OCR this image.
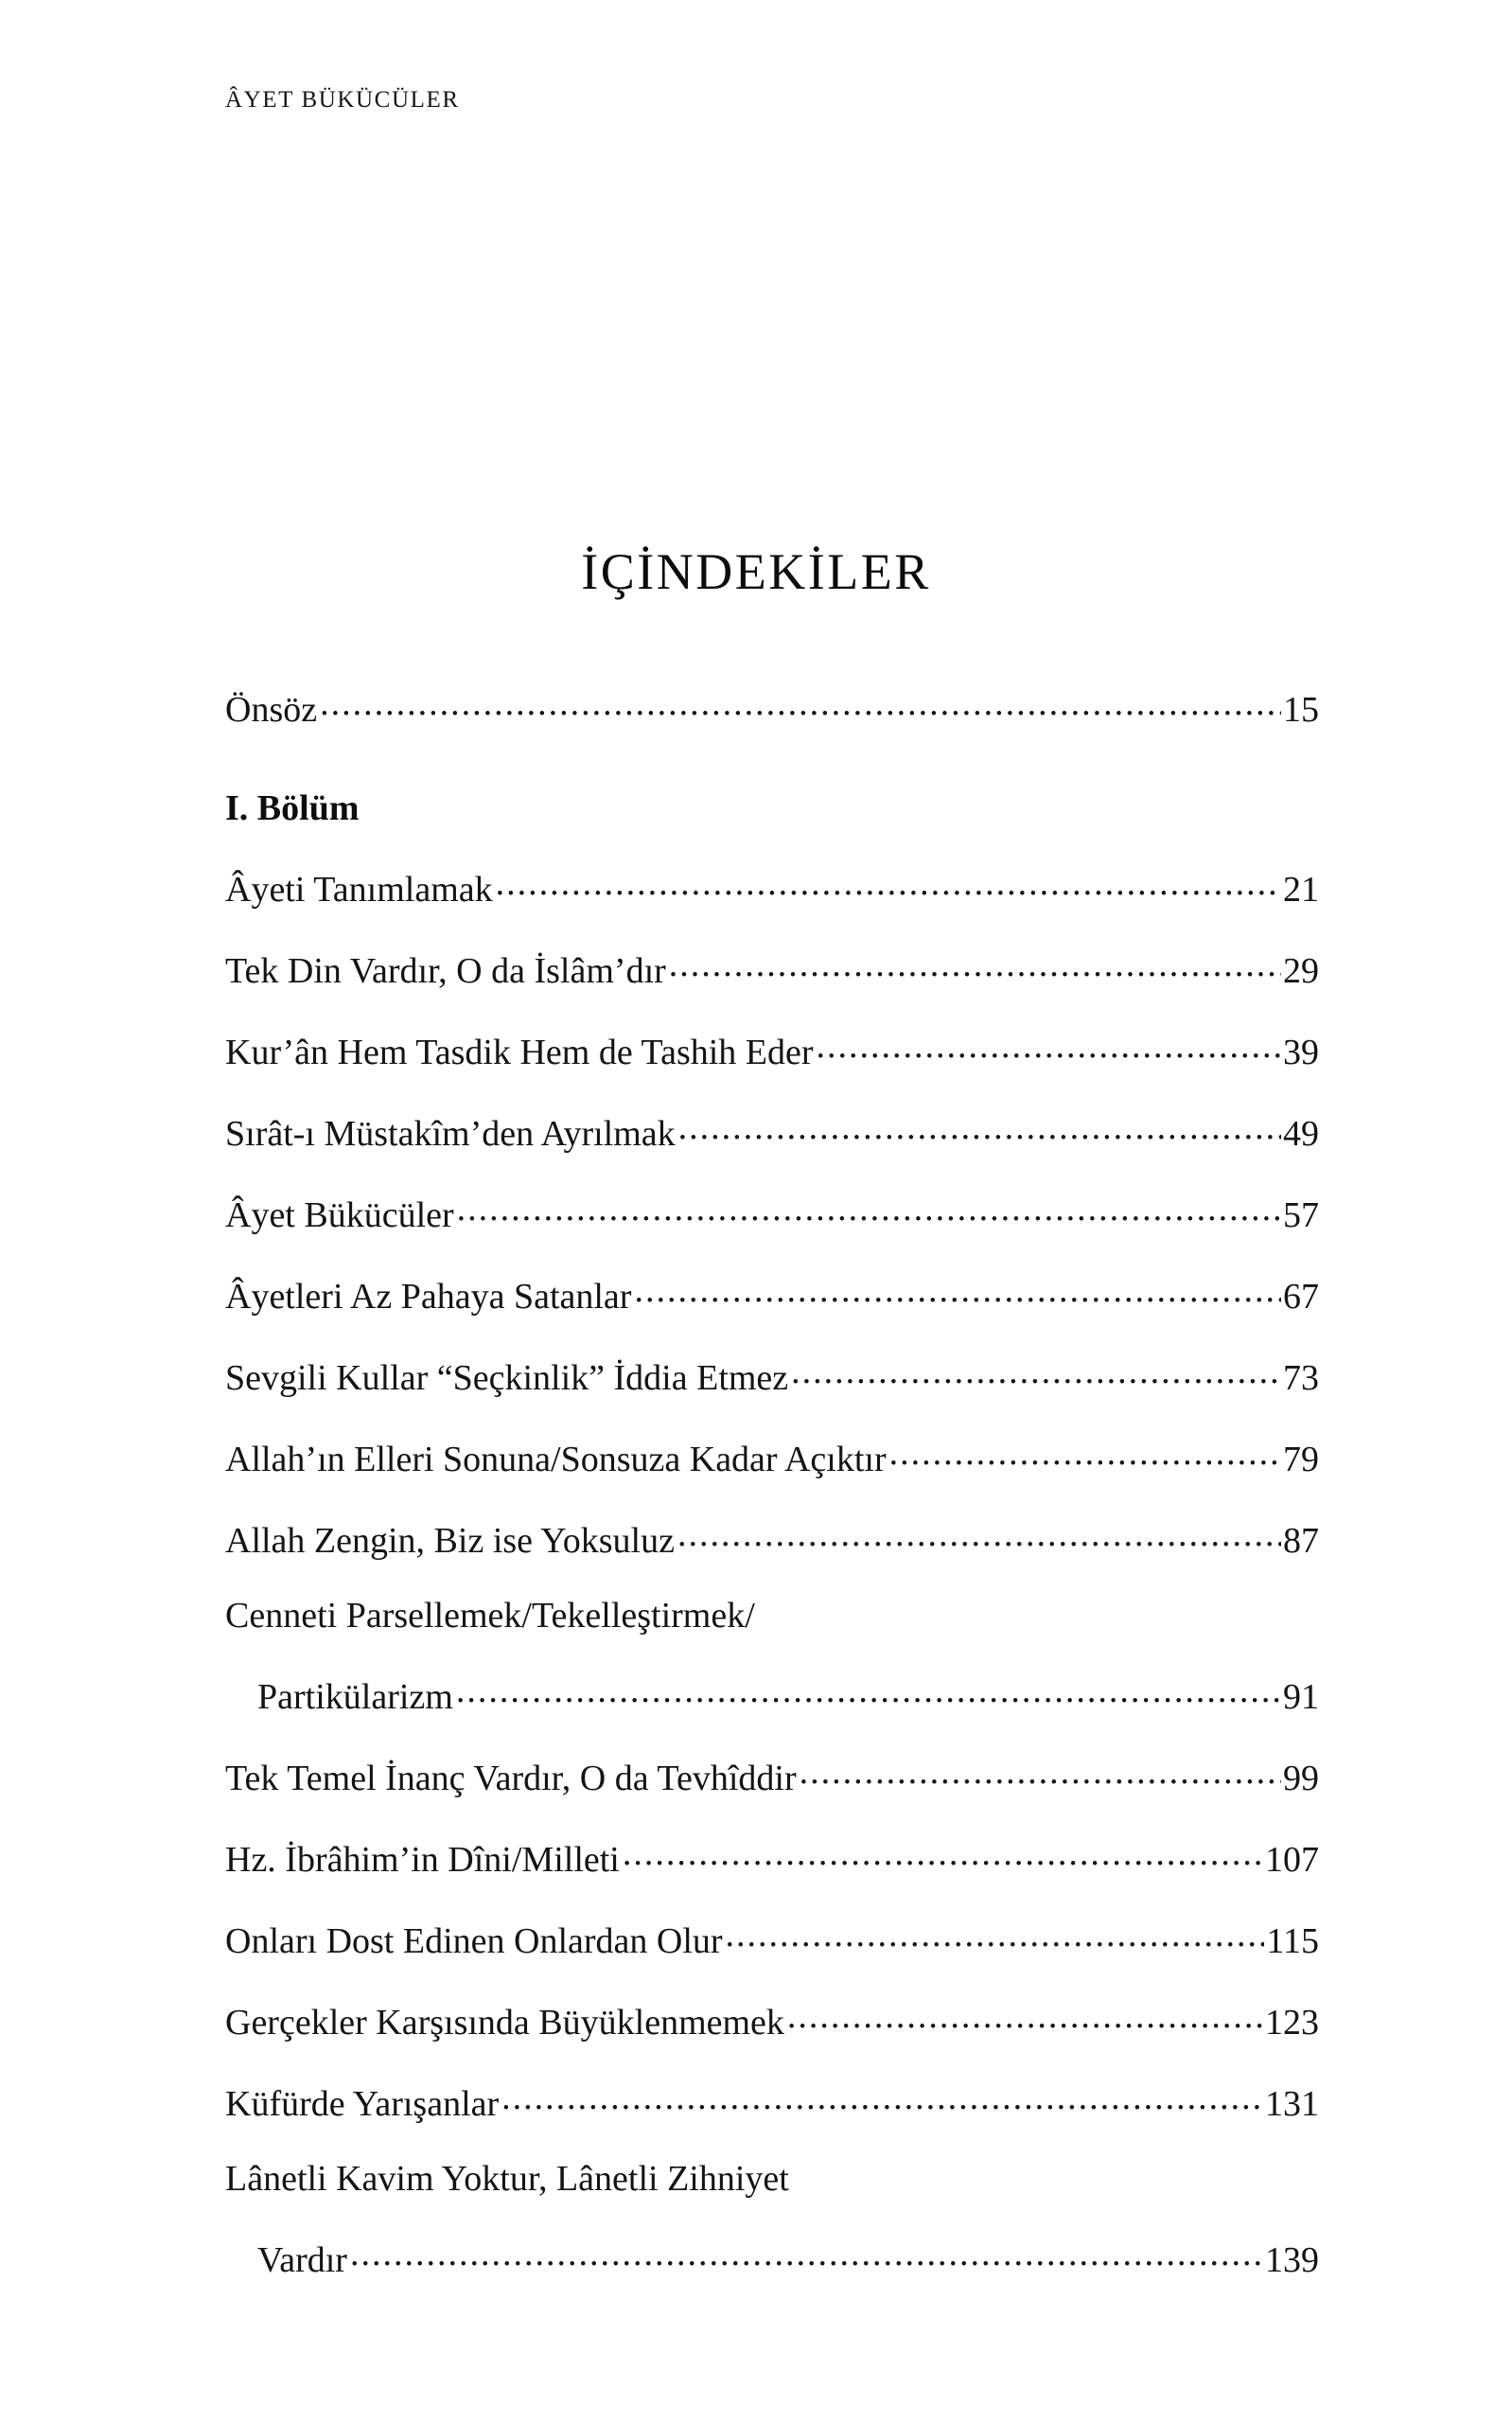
ÂYET BÜKÜCÜLER
İÇİNDEKİLER
Önsöz .....	15
I. Bölüm
Âyeti Tanımlamak .....	21
Tek Din Vardır, O da İslâm’dır .....	29
Kur’ân Hem Tasdik Hem de Tashih Eder .....	39
Sırât-ı Müstakîm’den Ayrılmak .....	49
Âyet Bükücüler .....	57
Âyetleri Az Pahaya Satanlar .....	67
Sevgili Kullar “Seçkinlik” İddia Etmez .....	73
Allah’ın Elleri Sonuna/Sonsuza Kadar Açıktır .....	79
Allah Zengin, Biz ise Yoksuluz .....	87
Cenneti Parsellemek/Tekelleştirmek/
Partikülarizm .....	91
Tek Temel İnanç Vardır, O da Tevhîddir .....	99
Hz. İbrâhim’in Dîni/Milleti .....	107
Onları Dost Edinen Onlardan Olur .....	115
Gerçekler Karşısında Büyüklenmemek .....	123
Küfürde Yarışanlar .....	131
Lânetli Kavim Yoktur, Lânetli Zihniyet
Vardır .....	139
